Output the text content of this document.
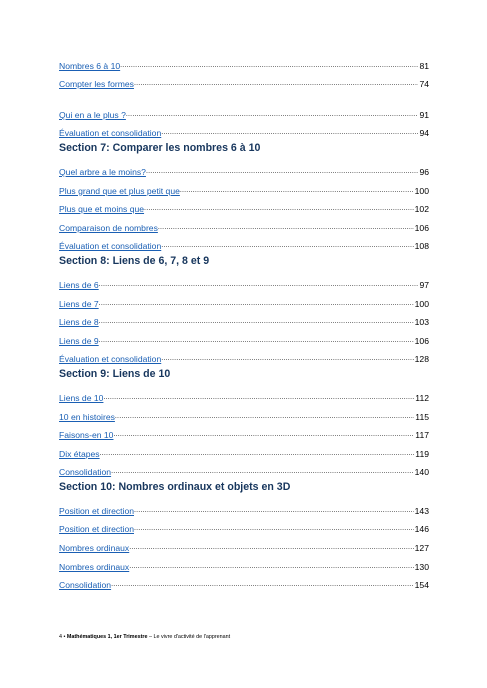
Nombres 6 à 10 .....	81
Compter les formes .....	74
Qui en a le plus ? .....	91
Évaluation et consolidation .....	94
Section 7: Comparer les nombres 6 à 10
Quel arbre a le moins? .....	96
Plus grand que et plus petit que .....	100
Plus que et moins que .....	102
Comparaison de nombres .....	106
Évaluation et consolidation .....	108
Section 8: Liens de 6, 7, 8 et 9
Liens de 6 .....	97
Liens de 7 .....	100
Liens de 8 .....	103
Liens de 9 .....	106
Évaluation et consolidation .....	128
Section 9: Liens de 10
Liens de 10 .....	112
10 en histoires .....	115
Faisons-en 10 .....	117
Dix étapes .....	119
Consolidation .....	140
Section 10: Nombres ordinaux et objets en 3D
Position et direction .....	143
Position et direction .....	146
Nombres ordinaux .....	127
Nombres ordinaux .....	130
Consolidation .....	154
4 • Mathématiques 1, 1er Trimestre – Le vivre d'activité de l'apprenant
